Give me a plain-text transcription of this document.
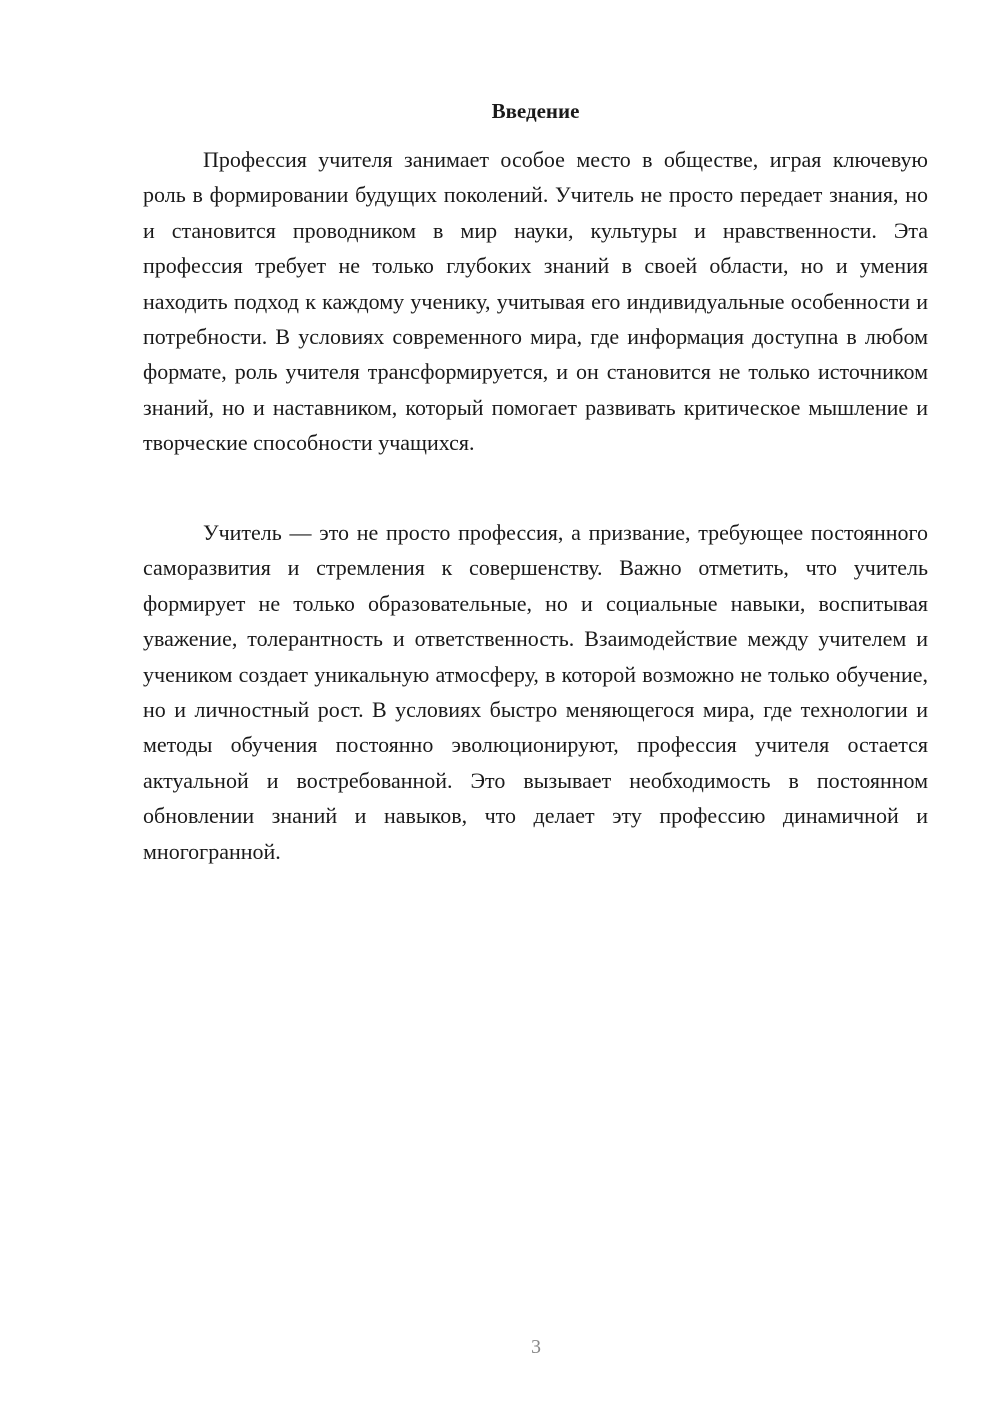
Введение

Профессия учителя занимает особое место в обществе, играя ключевую роль в формировании будущих поколений. Учитель не просто передает знания, но и становится проводником в мир науки, культуры и нравственности. Эта профессия требует не только глубоких знаний в своей области, но и умения находить подход к каждому ученику, учитывая его индивидуальные особенности и потребности. В условиях современного мира, где информация доступна в любом формате, роль учителя трансформируется, и он становится не только источником знаний, но и наставником, который помогает развивать критическое мышление и творческие способности учащихся.

Учитель — это не просто профессия, а призвание, требующее постоянного саморазвития и стремления к совершенству. Важно отметить, что учитель формирует не только образовательные, но и социальные навыки, воспитывая уважение, толерантность и ответственность. Взаимодействие между учителем и учеником создает уникальную атмосферу, в которой возможно не только обучение, но и личностный рост. В условиях быстро меняющегося мира, где технологии и методы обучения постоянно эволюционируют, профессия учителя остается актуальной и востребованной. Это вызывает необходимость в постоянном обновлении знаний и навыков, что делает эту профессию динамичной и многогранной.

3
